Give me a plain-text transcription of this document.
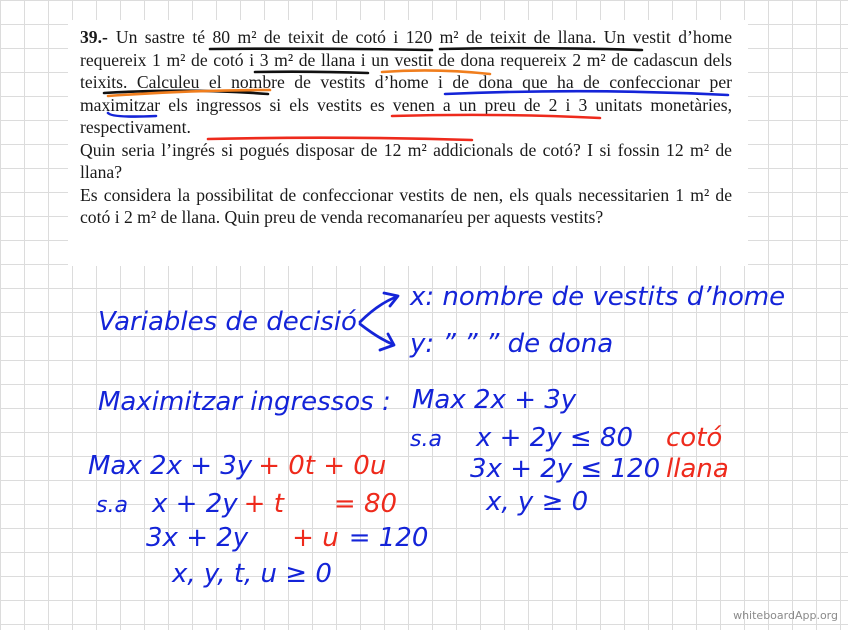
39.- Un sastre té 80 m² de teixit de cotó i 120 m² de teixit de llana. Un vestit d’home requereix 1 m² de cotó i 3 m² de llana i un vestit de dona requereix 2 m² de cadascun dels teixits. Calculeu el nombre de vestits d’home i de dona que ha de confeccionar per maximitzar els ingressos si els vestits es venen a un preu de 2 i 3 unitats monetàries, respectivament.

Quin seria l’ingrés si pogués disposar de 12 m² addicionals de cotó? I si fossin 12 m² de llana?

Es considera la possibilitat de confeccionar vestits de nen, els quals necessitarien 1 m² de cotó i 2 m² de llana. Quin preu de venda recomanaríeu per aquests vestits?

Variables de decisió
x: nombre de vestits d’home
y: ” ” ” de dona
Maximitzar ingressos : Max 2x + 3y
s.a x + 2y ≤ 80 cotó
3x + 2y ≤ 120 llana
x, y ≥ 0
Max 2x + 3y + 0t + 0u
s.a x + 2y + t = 80
3x + 2y + u = 120
x, y, t, u ≥ 0
whiteboardApp.org
